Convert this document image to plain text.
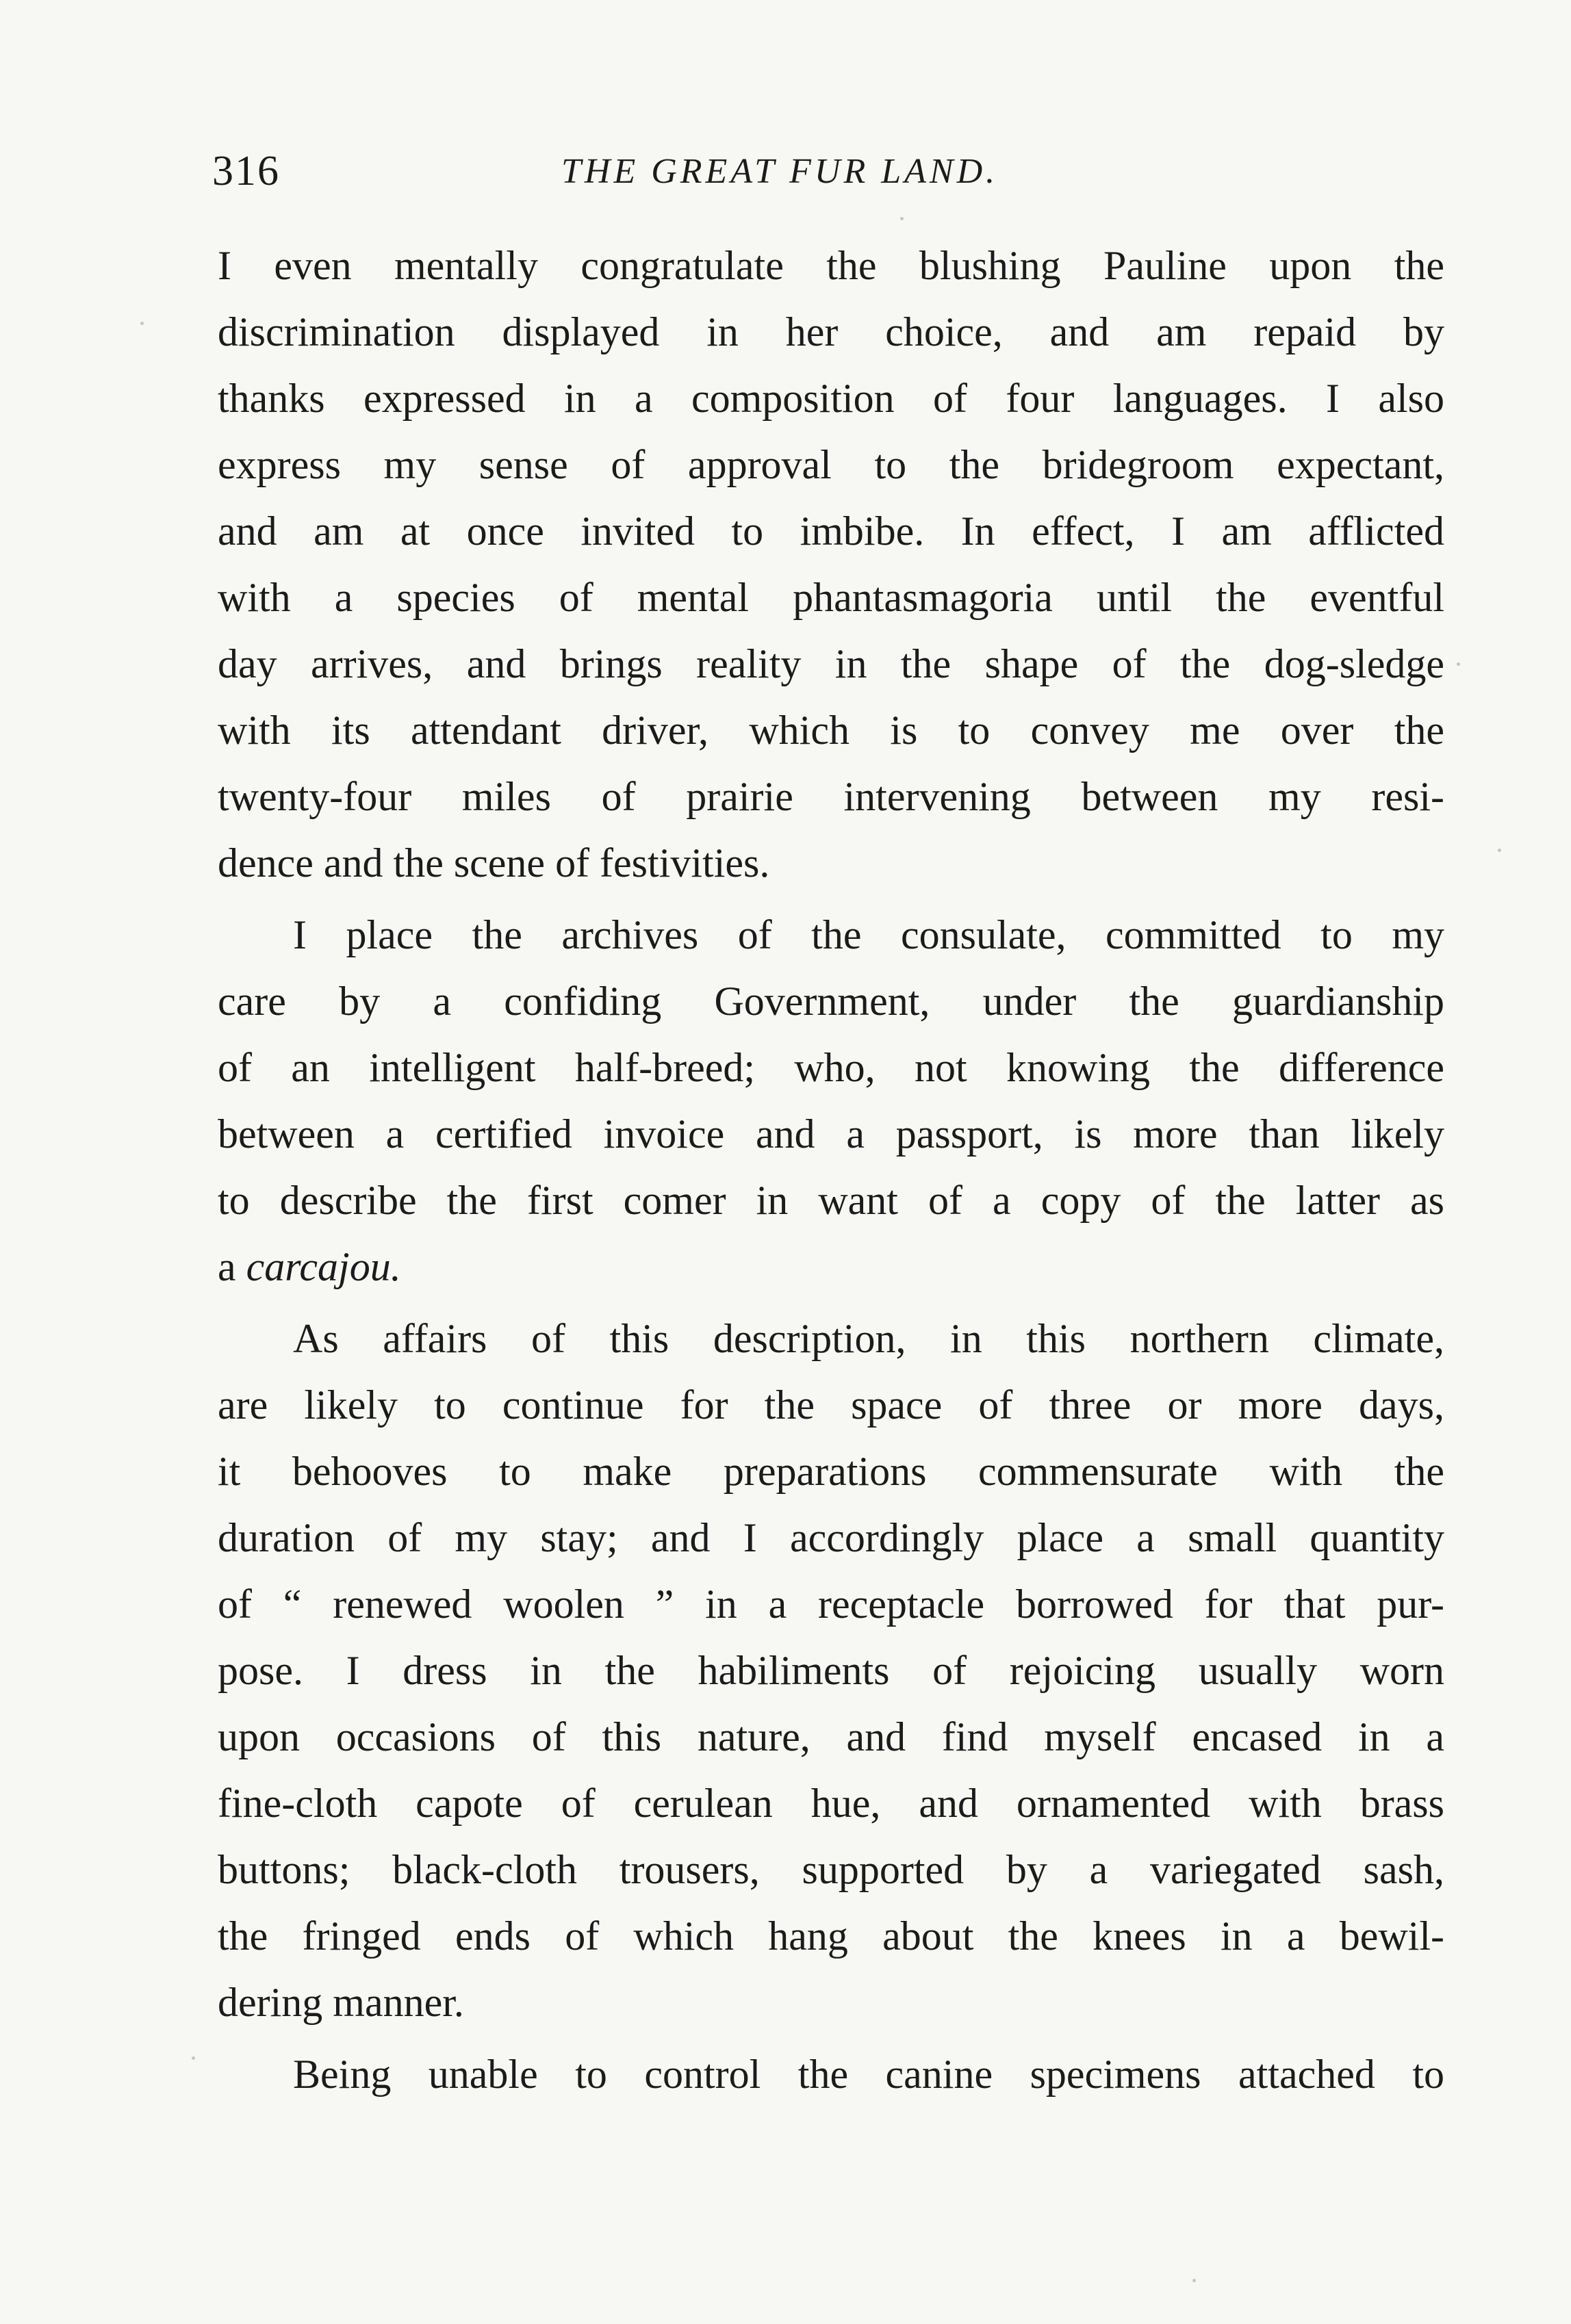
316	THE GREAT FUR LAND.
I even mentally congratulate the blushing Pauline upon the
discrimination displayed in her choice, and am repaid by
thanks expressed in a composition of four languages. I also
express my sense of approval to the bridegroom expectant,
and am at once invited to imbibe. In effect, I am afflicted
with a species of mental phantasmagoria until the eventful
day arrives, and brings reality in the shape of the dog-sledge
with its attendant driver, which is to convey me over the
twenty-four miles of prairie intervening between my resi-
dence and the scene of festivities.
I place the archives of the consulate, committed to my
care by a confiding Government, under the guardianship
of an intelligent half-breed; who, not knowing the difference
between a certified invoice and a passport, is more than likely
to describe the first comer in want of a copy of the latter as
a carcajou.
As affairs of this description, in this northern climate,
are likely to continue for the space of three or more days,
it behooves to make preparations commensurate with the
duration of my stay; and I accordingly place a small quantity
of “ renewed woolen ” in a receptacle borrowed for that pur-
pose. I dress in the habiliments of rejoicing usually worn
upon occasions of this nature, and find myself encased in a
fine-cloth capote of cerulean hue, and ornamented with brass
buttons; black-cloth trousers, supported by a variegated sash,
the fringed ends of which hang about the knees in a bewil-
dering manner.
Being unable to control the canine specimens attached to
